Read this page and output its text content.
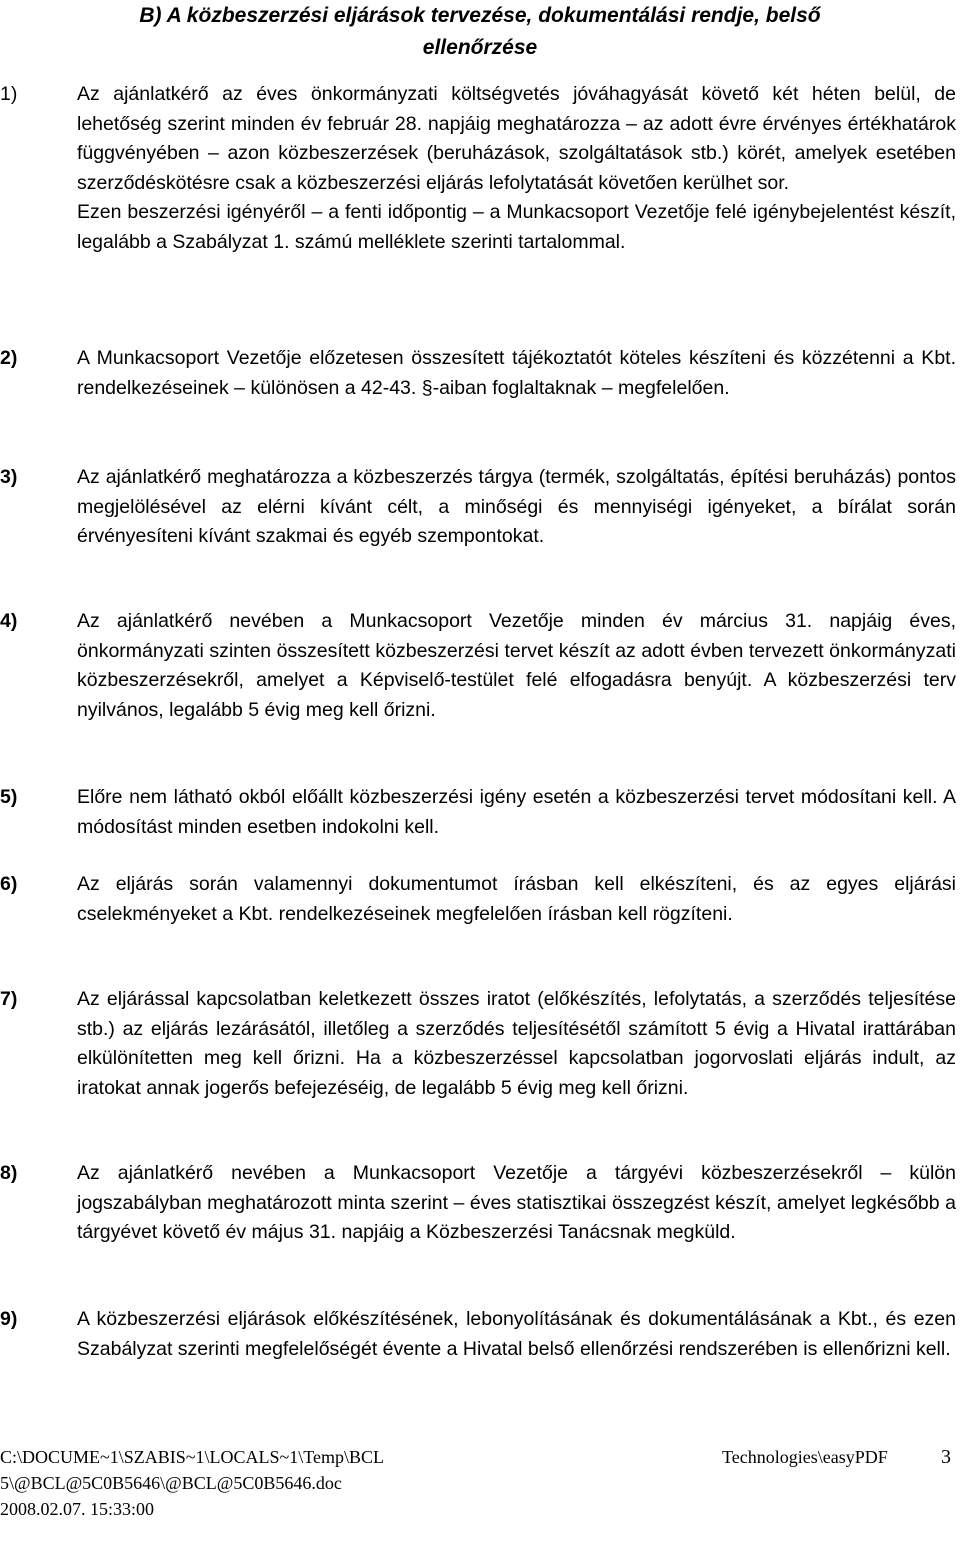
B) A közbeszerzési eljárások tervezése, dokumentálási rendje, belső
ellenőrzése
1)	Az ajánlatkérő az éves önkormányzati költségvetés jóváhagyását követő két héten belül, de lehetőség szerint minden év február 28. napjáig meghatározza – az adott évre érvényes értékhatárok függvényében – azon közbeszerzések (beruházások, szolgáltatások stb.) körét, amelyek esetében szerződéskötésre csak a közbeszerzési eljárás lefolytatását követően kerülhet sor.
Ezen beszerzési igényéről – a fenti időpontig – a Munkacsoport Vezetője felé igénybejelentést készít, legalább a Szabályzat 1. számú melléklete szerinti tartalommal.
2)	A Munkacsoport Vezetője előzetesen összesített tájékoztatót köteles készíteni és közzétenni a Kbt. rendelkezéseinek – különösen a 42-43. §-aiban foglaltaknak – megfelelően.
3)	Az ajánlatkérő meghatározza a közbeszerzés tárgya (termék, szolgáltatás, építési beruházás) pontos megjelölésével az elérni kívánt célt, a minőségi és mennyiségi igényeket, a bírálat során érvényesíteni kívánt szakmai és egyéb szempontokat.
4)	Az ajánlatkérő nevében a Munkacsoport Vezetője minden év március 31. napjáig éves, önkormányzati szinten összesített közbeszerzési tervet készít az adott évben tervezett önkormányzati közbeszerzésekről, amelyet a Képviselő-testület felé elfogadásra benyújt. A közbeszerzési terv nyilvános, legalább 5 évig meg kell őrizni.
5)	Előre nem látható okból előállt közbeszerzési igény esetén a közbeszerzési tervet módosítani kell. A módosítást minden esetben indokolni kell.
6)	Az eljárás során valamennyi dokumentumot írásban kell elkészíteni, és az egyes eljárási cselekményeket a Kbt. rendelkezéseinek megfelelően írásban kell rögzíteni.
7)	Az eljárással kapcsolatban keletkezett összes iratot (előkészítés, lefolytatás, a szerződés teljesítése stb.) az eljárás lezárásától, illetőleg a szerződés teljesítésétől számított 5 évig a Hivatal irattárában elkülönítetten meg kell őrizni. Ha a közbeszerzéssel kapcsolatban jogorvoslati eljárás indult, az iratokat annak jogerős befejezéséig, de legalább 5 évig meg kell őrizni.
8)	Az ajánlatkérő nevében a Munkacsoport Vezetője a tárgyévi közbeszerzésekről – külön jogszabályban meghatározott minta szerint – éves statisztikai összegzést készít, amelyet legkésőbb a tárgyévet követő év május 31. napjáig a Közbeszerzési Tanácsnak megküld.
9)	A közbeszerzési eljárások előkészítésének, lebonyolításának és dokumentálásának a Kbt., és ezen Szabályzat szerinti megfelelőségét évente a Hivatal belső ellenőrzési rendszerében is ellenőrizni kell.
C:\DOCUME~1\SZABIS~1\LOCALS~1\Temp\BCL
5\@BCL@5C0B5646\@BCL@5C0B5646.doc
2008.02.07. 15:33:00
Technologies\easyPDF	3
